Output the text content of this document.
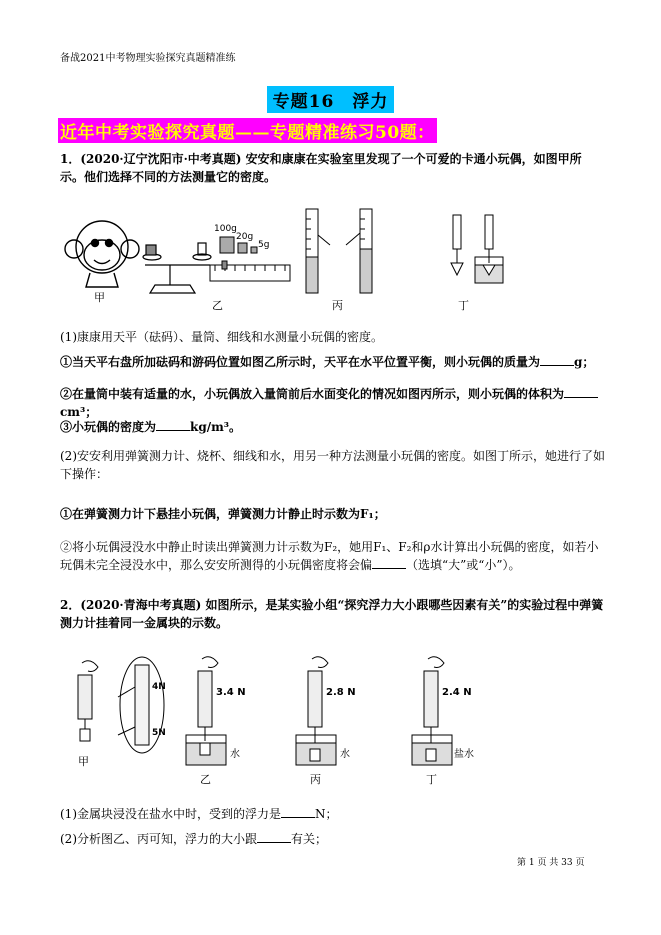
备战2021中考物理实验探究真题精准练
专题16　浮力
近年中考实验探究真题——专题精准练习50题：
1．(2020·辽宁沈阳市·中考真题) 安安和康康在实验室里发现了一个可爱的卡通小玩偶，如图甲所示。他们选择不同的方法测量它的密度。
甲
100g
20g
5g
乙	丙	丁
(1)康康用天平（砝码）、量筒、细线和水测量小玩偶的密度。
①当天平右盘所加砝码和游码位置如图乙所示时，天平在水平位置平衡，则小玩偶的质量为	g；
②在量筒中装有适量的水，小玩偶放入量筒前后水面变化的情况如图丙所示，则小玩偶的体积为cm³；
③小玩偶的密度为	kg/m³。
(2)安安利用弹簧测力计、烧杯、细线和水，用另一种方法测量小玩偶的密度。如图丁所示，她进行了如下操作：
①在弹簧测力计下悬挂小玩偶，弹簧测力计静止时示数为F₁；
②将小玩偶浸没水中静止时读出弹簧测力计示数为F₂，她用F₁、F₂和ρ水计算出小玩偶的密度，如若小玩偶未完全浸没水中，那么安安所测得的小玩偶密度将会偏	（选填“大”或“小”）。
2．(2020·青海中考真题) 如图所示，是某实验小组“探究浮力大小跟哪些因素有关”的实验过程中弹簧测力计挂着同一金属块的示数。
4N
5N
甲
3.4 N
水
乙
2.8 N
水
丙
2.4 N
盐水
丁
(1)金属块浸没在盐水中时，受到的浮力是	N；
(2)分析图乙、丙可知，浮力的大小跟	有关；
第 1 页 共 33 页
